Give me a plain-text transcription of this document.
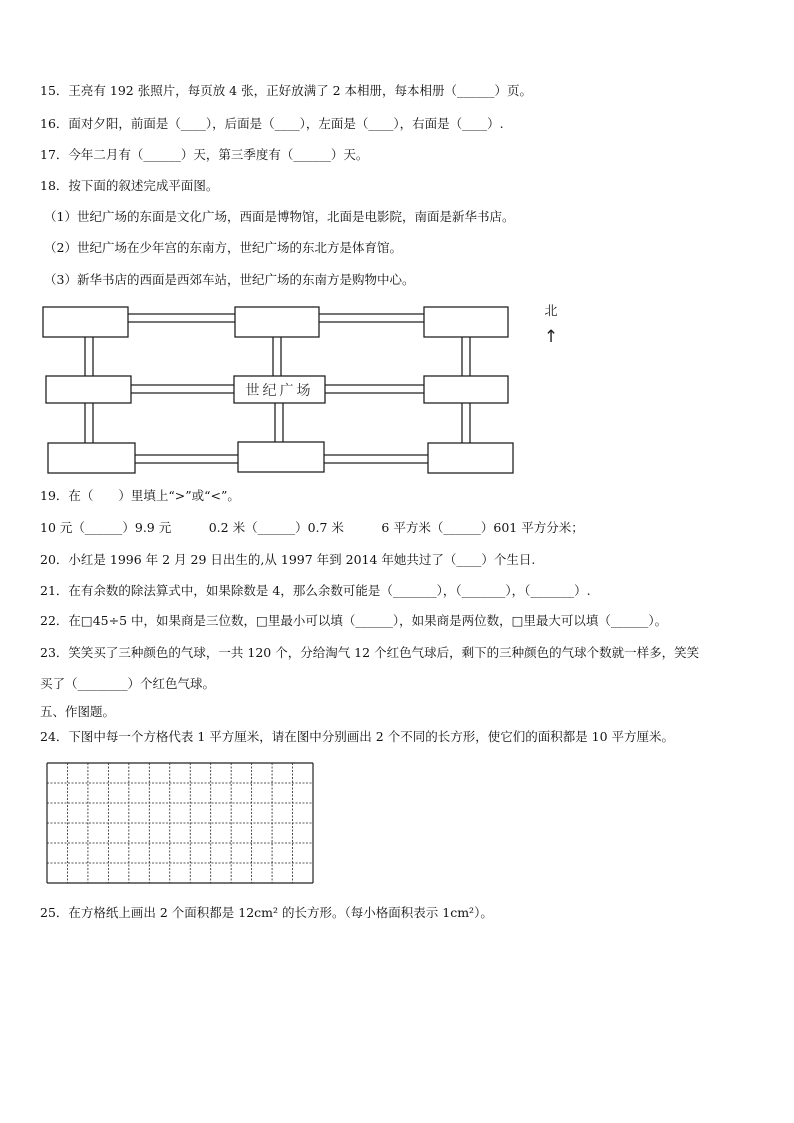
15．王亮有 192 张照片，每页放 4 张，正好放满了 2 本相册，每本相册（______）页。
16．面对夕阳，前面是（____），后面是（____），左面是（____），右面是（____）.
17．今年二月有（______）天，第三季度有（______）天。
18．按下面的叙述完成平面图。
（1）世纪广场的东面是文化广场，西面是博物馆，北面是电影院，南面是新华书店。
（2）世纪广场在少年宫的东南方，世纪广场的东北方是体育馆。
（3）新华书店的西面是西郊车站，世纪广场的东南方是购物中心。
世纪广场
北
↑
19．在（　　）里填上“>”或“<”。
10 元（______）9.9 元　　　0.2 米（______）0.7 米　　　6 平方米（______）601 平方分米；
20．小红是 1996 年 2 月 29 日出生的,从 1997 年到 2014 年她共过了（____）个生日.
21．在有余数的除法算式中，如果除数是 4，那么余数可能是（_______），（_______），（_______）.
22．在□45÷5 中，如果商是三位数，□里最小可以填（______），如果商是两位数，□里最大可以填（______）。
23．笑笑买了三种颜色的气球，一共 120 个，分给淘气 12 个红色气球后，剩下的三种颜色的气球个数就一样多，笑笑
买了（________）个红色气球。
五、作图题。
24．下图中每一个方格代表 1 平方厘米，请在图中分别画出 2 个不同的长方形，使它们的面积都是 10 平方厘米。
25．在方格纸上画出 2 个面积都是 12cm² 的长方形。（每小格面积表示 1cm²）。
